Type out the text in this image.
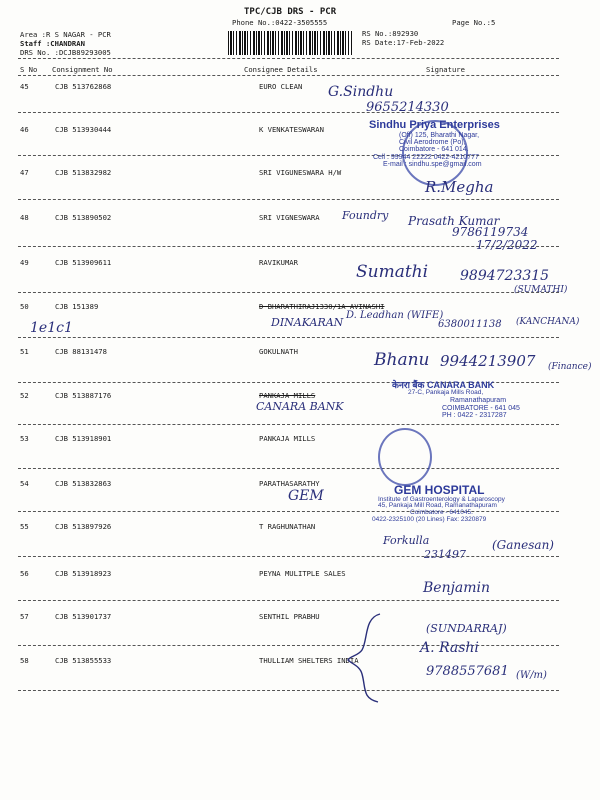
TPC/CJB DRS - PCR
Phone No.:0422-3505555	Page No.:5
Area :R S NAGAR - PCR
Staff :CHANDRAN
DRS No. :DCJB89293005
RS No.:892930
RS Date:17-Feb-2022
S No Consignment No	Consignee Details	Signature
45	CJB 513762868	EURO CLEAN
46	CJB 513930444	K VENKATESWARAN
47	CJB 513832982	SRI VIGUNESWARA H/W
48	CJB 513890502	SRI VIGNESWARA
49	CJB 513909611	RAVIKUMAR
50	CJB 151389	D BHARATHIRAJ1330/1A AVINASHI
51	CJB 88131478	GOKULNATH
52	CJB 513887176	PANKAJA MILLS
53	CJB 513918901	PANKAJA MILLS
54	CJB 513832863	PARATHASARATHY
55	CJB 513897926	T RAGHUNATHAN
56	CJB 513918923	PEYNA MULITPLE SALES
57	CJB 513901737	SENTHIL PRABHU
58	CJB 513855533	THULLIAM SHELTERS INDIA
Sindhu Priya Enterprises
(Off) 125, Bharathi Nagar,
Civil Aerodrome (Po),
Coimbatore - 641 014.
Cell : 99944 22222 0422-4210777
E-mail : sindhu.spe@gmail.com
केनरा बैंक CANARA BANK
27-C, Pankaja Mills Road,
Ramanathapuram
COIMBATORE - 641 045
PH : 0422 - 2317287
GEM HOSPITAL
Institute of Gastroenterology & Laparoscopy
45, Pankaja Mill Road, Ramanathapuram
Coimbatore - 641045.
0422-2325100 (20 Lines) Fax: 2320879
G.Sindhu
9655214330
R.Megha
Foundry Prasath Kumar
9786119734
17/2/2022
Sumathi 9894723315
(SUMATHI)
1e1c1	DINAKARAN
D. Leadhan (WIFE)
6380011138 (KANCHANA)
Bhanu 9944213907 (Finance)
CANARA BANK
GEM
Forkulla
231497
(Ganesan)
Benjamin
(SUNDARRAJ)
A. Rashi
9788557681 (W/m)
